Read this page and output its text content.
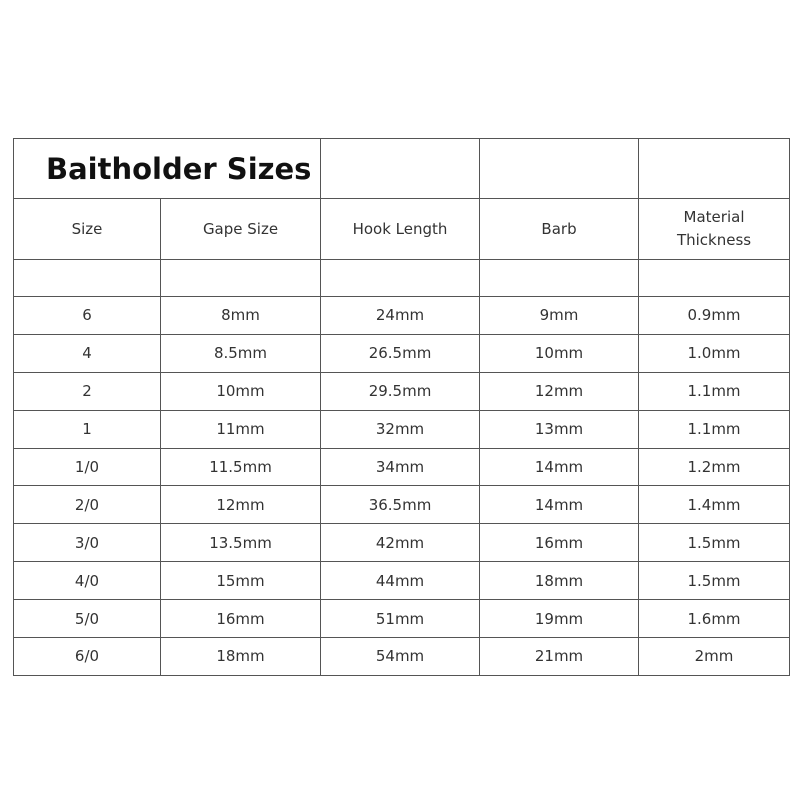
Baitholder Sizes				
Size	Gape Size	Hook Length	Barb	Material
Thickness

6	8mm	24mm	9mm	0.9mm
4	8.5mm	26.5mm	10mm	1.0mm
2	10mm	29.5mm	12mm	1.1mm
1	11mm	32mm	13mm	1.1mm
1/0	11.5mm	34mm	14mm	1.2mm
2/0	12mm	36.5mm	14mm	1.4mm
3/0	13.5mm	42mm	16mm	1.5mm
4/0	15mm	44mm	18mm	1.5mm
5/0	16mm	51mm	19mm	1.6mm
6/0	18mm	54mm	21mm	2mm
